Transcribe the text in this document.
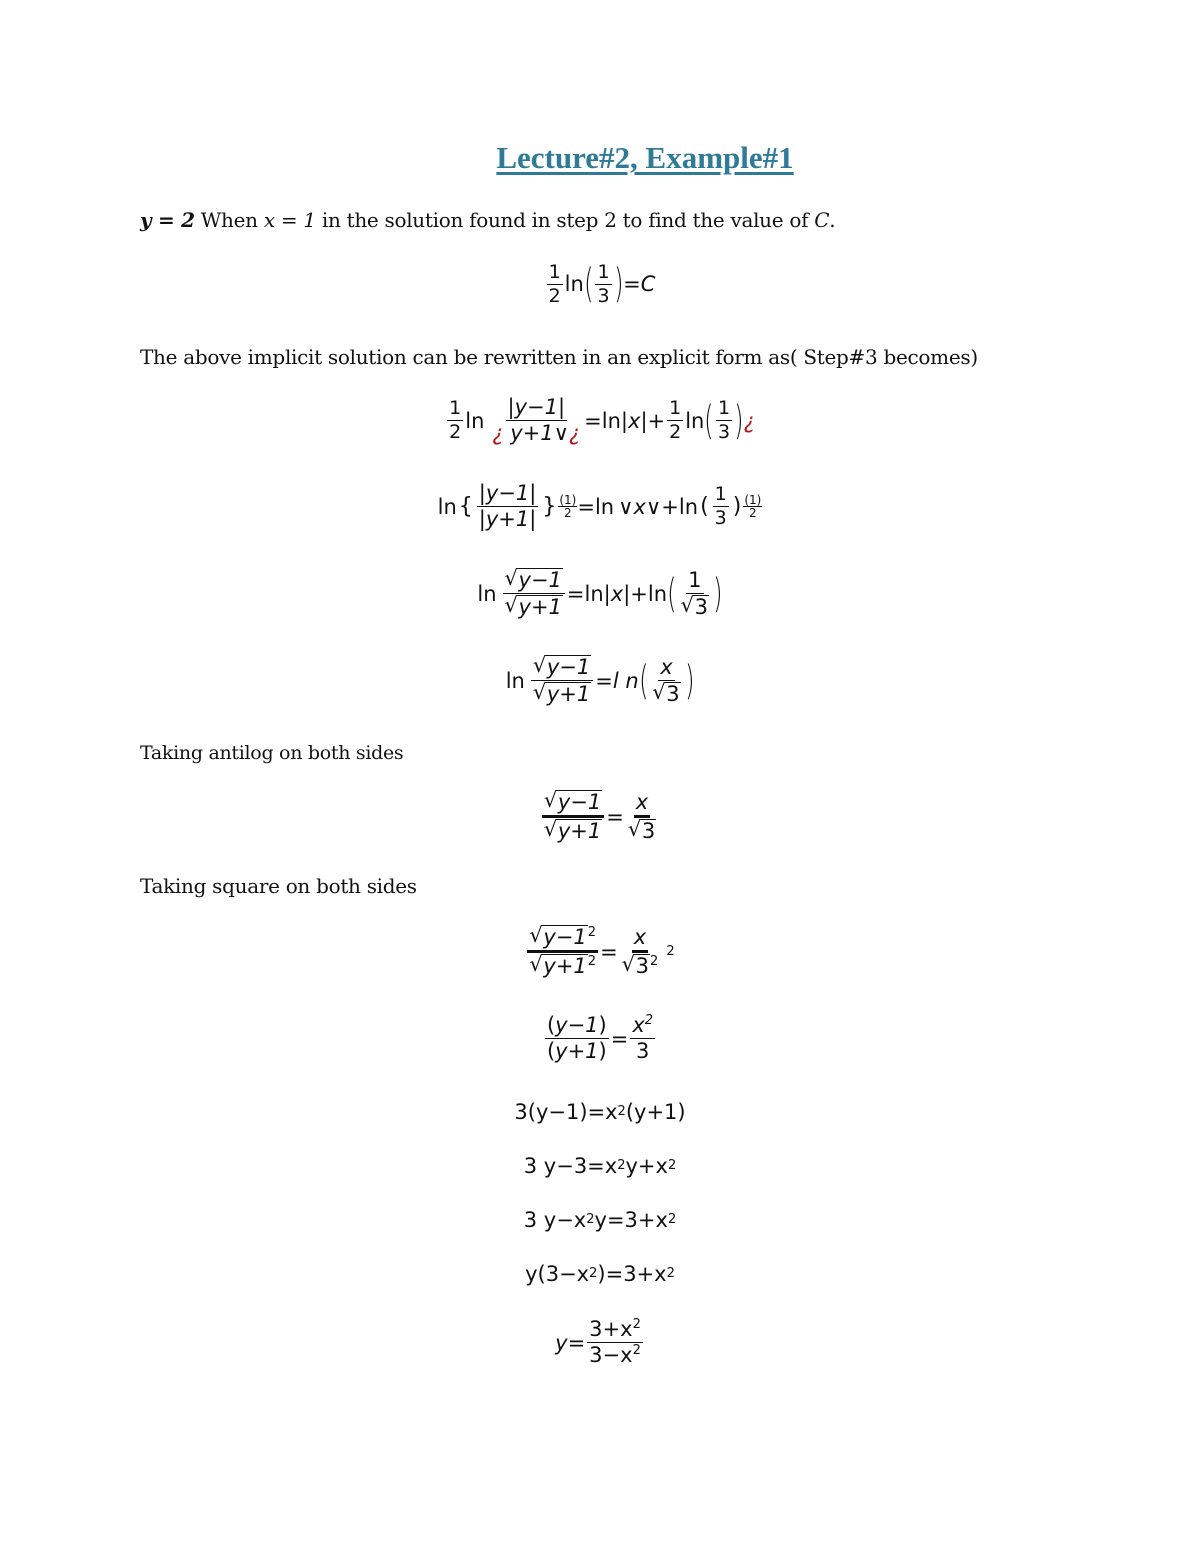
Lecture#2, Example#1
y = 2 When x = 1 in the solution found in step 2 to find the value of C.
$\frac{1}{2}$ ln ( $\frac{1}{3}$ ) = C
The above implicit solution can be rewritten in an explicit form as( Step#3 becomes)
$\frac{1}{2}$ $\ln \frac{|y-1|}{¿ y+1\vee¿} = \ln$ | x | + $\frac{1}{2}$ ln ( $\frac{1}{3}$ ) ¿
ln { $\frac{|y-1|}{|y+1|}$ } $\frac{(1)}{2} = \ln$ ∨ x ∨ + ln ( $\frac{1}{3}$ ) (1)
2
ln √ y−1
√ y+1 = ln | x | + ln ( 1
√ 3 )
ln √ y−1
√ y+1 = l n ( x
√ 3 )
Taking antilog on both sides
√ y−1
√ y+1 = x
√ 3
Taking square on both sides
√ $y-1^2$
√ $y+1^2 = x$
√ $3^2$ 2
$\frac{(y-1)}{(y+1)} = \frac{x^2}{3}$
3(y−1)=x 2 (y+1)
3 y−3=x 2 y+x 2
3 y−x 2 y=3+x 2
y(3−x 2 )=3+x 2
$y= \frac{3+x^2}{3-x^2}$
